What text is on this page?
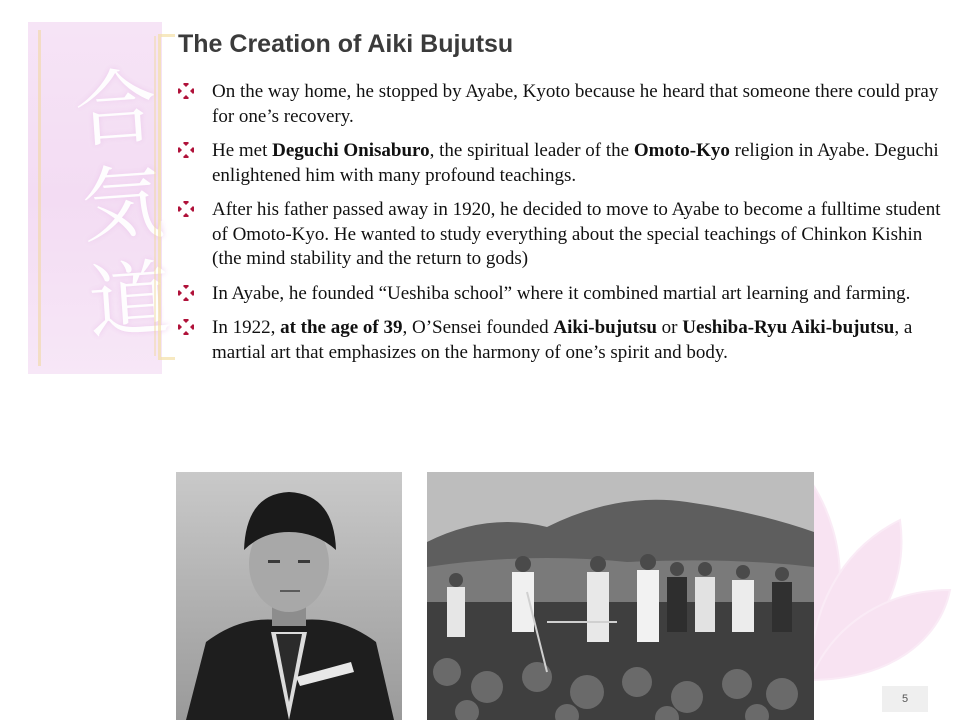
合
気
道
The Creation of Aiki Bujutsu
On the way home, he stopped by Ayabe, Kyoto because he heard that someone there could pray for one’s recovery.
He met Deguchi Onisaburo, the spiritual leader of the Omoto-Kyo religion in Ayabe. Deguchi enlightened him with many profound teachings.
After his father passed away in 1920, he decided to move to Ayabe to become a fulltime student of Omoto-Kyo. He wanted to study everything about the special teachings of Chinkon Kishin (the mind stability and the return to gods)
In Ayabe, he founded “Ueshiba school” where it combined martial art learning and farming.
In 1922, at the age of 39, O’Sensei founded Aiki-bujutsu or Ueshiba-Ryu Aiki-bujutsu, a martial art that emphasizes on the harmony of one’s spirit and body.
5
